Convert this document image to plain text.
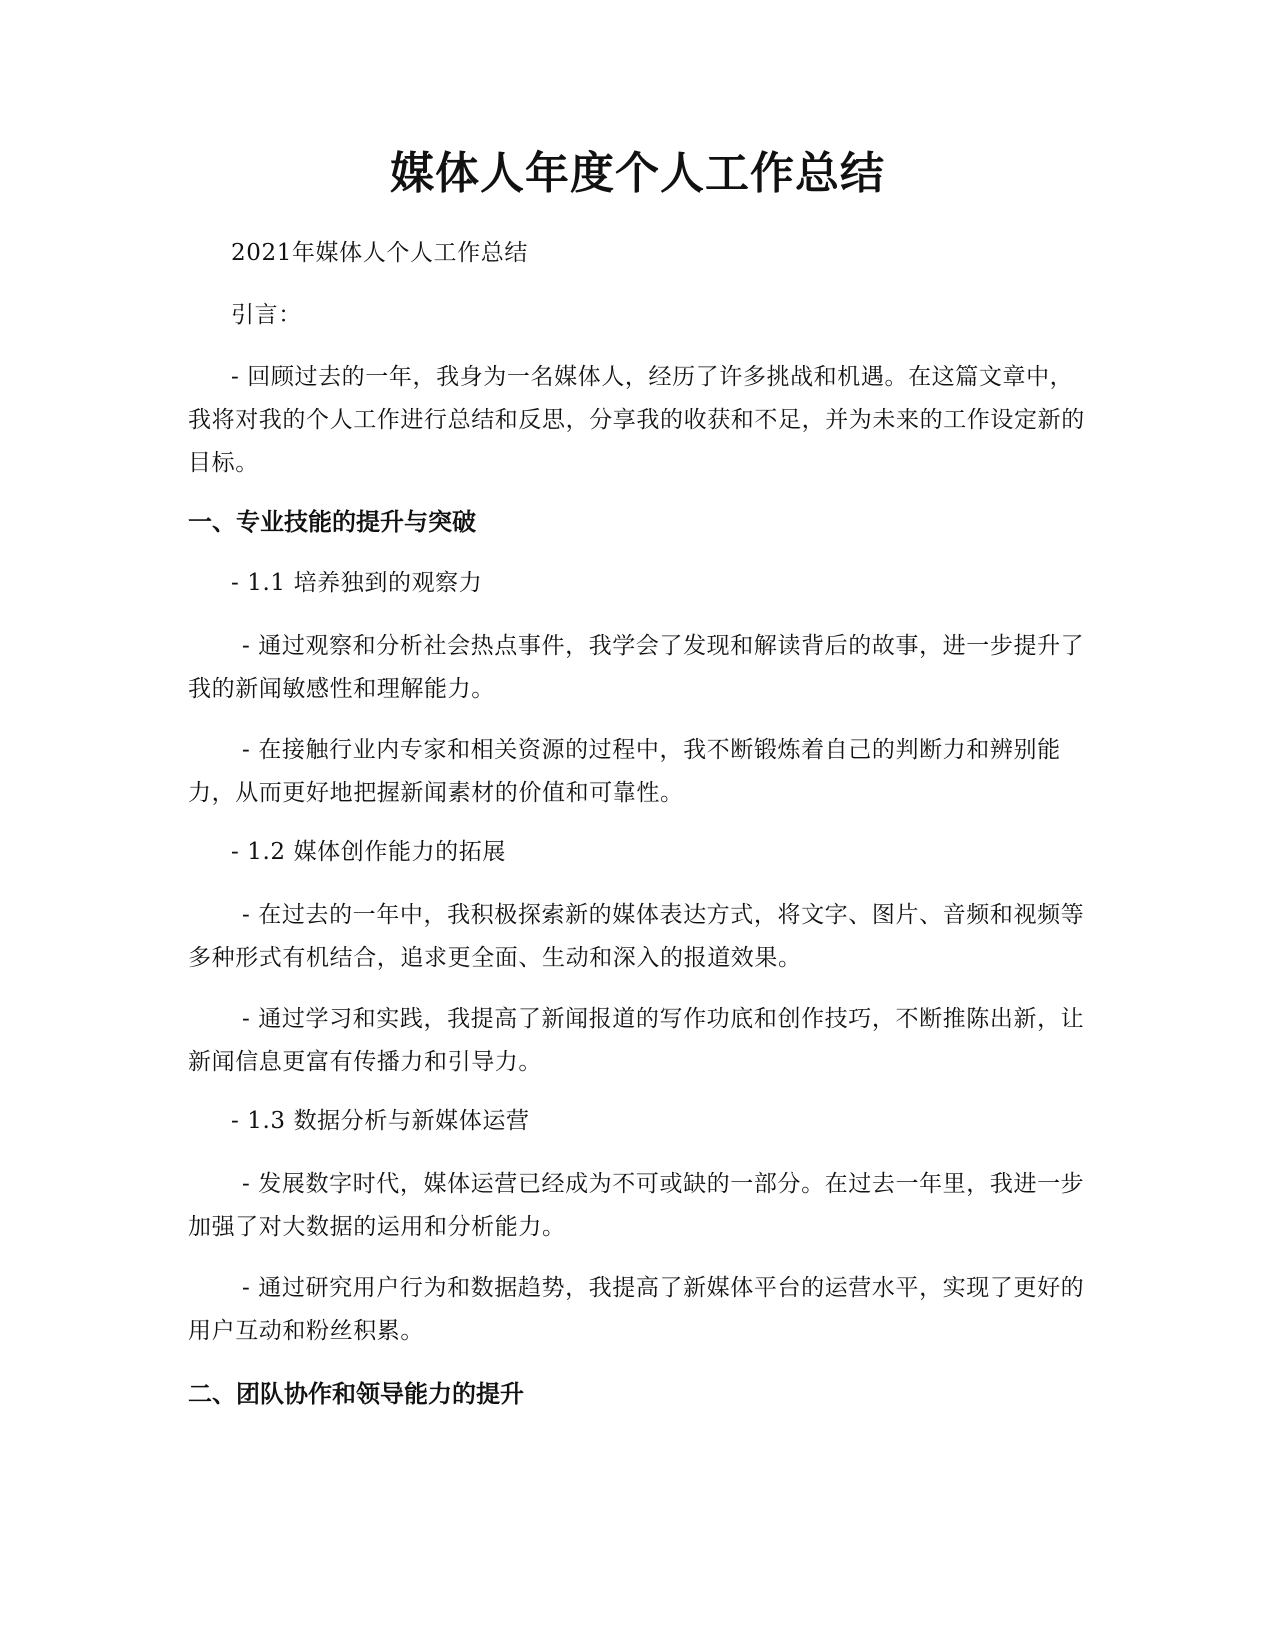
媒体人年度个人工作总结

2021年媒体人个人工作总结

引言：

- 回顾过去的一年，我身为一名媒体人，经历了许多挑战和机遇。在这篇文章中，我将对我的个人工作进行总结和反思，分享我的收获和不足，并为未来的工作设定新的目标。

一、专业技能的提升与突破

- 1.1 培养独到的观察力

- 通过观察和分析社会热点事件，我学会了发现和解读背后的故事，进一步提升了我的新闻敏感性和理解能力。

- 在接触行业内专家和相关资源的过程中，我不断锻炼着自己的判断力和辨别能力，从而更好地把握新闻素材的价值和可靠性。

- 1.2 媒体创作能力的拓展

- 在过去的一年中，我积极探索新的媒体表达方式，将文字、图片、音频和视频等多种形式有机结合，追求更全面、生动和深入的报道效果。

- 通过学习和实践，我提高了新闻报道的写作功底和创作技巧，不断推陈出新，让新闻信息更富有传播力和引导力。

- 1.3 数据分析与新媒体运营

- 发展数字时代，媒体运营已经成为不可或缺的一部分。在过去一年里，我进一步加强了对大数据的运用和分析能力。

- 通过研究用户行为和数据趋势，我提高了新媒体平台的运营水平，实现了更好的用户互动和粉丝积累。

二、团队协作和领导能力的提升
